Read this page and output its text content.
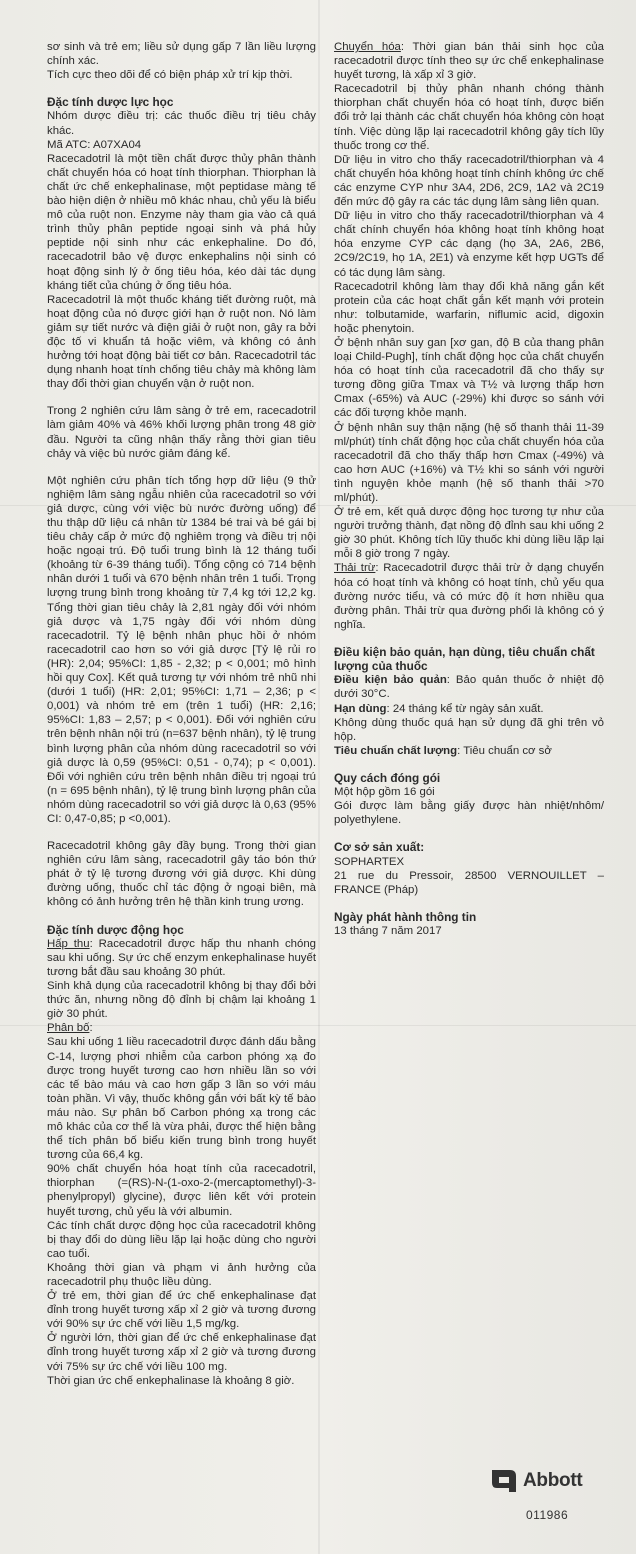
sơ sinh và trẻ em; liều sử dụng gấp 7 lần liều lượng chính xác.

Tích cực theo dõi để có biện pháp xử trí kịp thời.

Đặc tính dược lực học

Nhóm dược điều trị: các thuốc điều trị tiêu chảy khác.

Mã ATC: A07XA04

Racecadotril là một tiền chất được thủy phân thành chất chuyển hóa có hoạt tính thiorphan. Thiorphan là chất ức chế enkephalinase, một peptidase màng tế bào hiện diện ở nhiều mô khác nhau, chủ yếu là biểu mô của ruột non. Enzyme này tham gia vào cả quá trình thủy phân peptide ngoại sinh và phá hủy peptide nội sinh như các enkephaline. Do đó, racecadotril bảo vệ được enkephalins nội sinh có hoạt động sinh lý ở ống tiêu hóa, kéo dài tác dụng kháng tiết của chúng ở ống tiêu hóa.

Racecadotril là một thuốc kháng tiết đường ruột, mà hoạt động của nó được giới hạn ở ruột non. Nó làm giảm sự tiết nước và điện giải ở ruột non, gây ra bởi độc tố vi khuẩn tả hoặc viêm, và không có ảnh hưởng tới hoạt động bài tiết cơ bản. Racecadotril tác dụng nhanh hoạt tính chống tiêu chảy mà không làm thay đổi thời gian chuyển vận ở ruột non.

Trong 2 nghiên cứu lâm sàng ở trẻ em, racecadotril làm giảm 40% và 46% khối lượng phân trong 48 giờ đầu. Người ta cũng nhận thấy rằng thời gian tiêu chảy và việc bù nước giảm đáng kể.

Một nghiên cứu phân tích tổng hợp dữ liệu (9 thử nghiệm lâm sàng ngẫu nhiên của racecadotril so với giả dược, cùng với việc bù nước đường uống) để thu thập dữ liệu cá nhân từ 1384 bé trai và bé gái bị tiêu chảy cấp ở mức độ nghiêm trọng và điều trị nội hoặc ngoại trú. Độ tuổi trung bình là 12 tháng tuổi (khoảng từ 6-39 tháng tuổi). Tổng cộng có 714 bệnh nhân dưới 1 tuổi và 670 bệnh nhân trên 1 tuổi. Trọng lượng trung bình trong khoảng từ 7,4 kg tới 12,2 kg. Tổng thời gian tiêu chảy là 2,81 ngày đối với nhóm giả dược và 1,75 ngày đối với nhóm dùng racecadotril. Tỷ lệ bệnh nhân phục hồi ở nhóm racecadotril cao hơn so với giả dược [Tỷ lệ rủi ro (HR): 2,04; 95%CI: 1,85 - 2,32; p < 0,001; mô hình hồi quy Cox]. Kết quả tương tự với nhóm trẻ nhũ nhi (dưới 1 tuổi) (HR: 2,01; 95%CI: 1,71 – 2,36; p < 0,001) và nhóm trẻ em (trên 1 tuổi) (HR: 2,16; 95%CI: 1,83 – 2,57; p < 0,001). Đối với nghiên cứu trên bệnh nhân nội trú (n=637 bệnh nhân), tỷ lệ trung bình lượng phân của nhóm dùng racecadotril so với giả dược là 0,59 (95%CI: 0,51 - 0,74); p < 0,001). Đối với nghiên cứu trên bệnh nhân điều trị ngoại trú (n = 695 bệnh nhân), tỷ lệ trung bình lượng phân của nhóm dùng racecadotril so với giả dược là 0,63 (95% CI: 0,47-0,85; p <0,001).

Racecadotril không gây đầy bụng. Trong thời gian nghiên cứu lâm sàng, racecadotril gây táo bón thứ phát ở tỷ lệ tương đương với giả dược. Khi dùng đường uống, thuốc chỉ tác động ở ngoại biên, mà không có ảnh hưởng trên hệ thần kinh trung ương.

Đặc tính dược động học

Hấp thu: Racecadotril được hấp thu nhanh chóng sau khi uống. Sự ức chế enzym enkephalinase huyết tương bắt đầu sau khoảng 30 phút.

Sinh khả dụng của racecadotril không bị thay đổi bởi thức ăn, nhưng nồng độ đỉnh bị chậm lại khoảng 1 giờ 30 phút.

Phân bố:

Sau khi uống 1 liều racecadotril được đánh dấu bằng C-14, lượng phơi nhiễm của carbon phóng xạ đo được trong huyết tương cao hơn nhiều lần so với các tế bào máu và cao hơn gấp 3 lần so với máu toàn phần. Vì vậy, thuốc không gắn với bất kỳ tế bào máu nào. Sự phân bố Carbon phóng xạ trong các mô khác của cơ thể là vừa phải, được thể hiện bằng thể tích phân bố biểu kiến trung bình trong huyết tương của 66,4 kg.

90% chất chuyển hóa hoạt tính của racecadotril, thiorphan (=(RS)-N-(1-oxo-2-(mercaptomethyl)-3-phenylpropyl) glycine), được liên kết với protein huyết tương, chủ yếu là với albumin.

Các tính chất dược động học của racecadotril không bị thay đổi do dùng liều lặp lại hoặc dùng cho người cao tuổi.

Khoảng thời gian và phạm vi ảnh hưởng của racecadotril phụ thuộc liều dùng.

Ở trẻ em, thời gian để ức chế enkephalinase đạt đỉnh trong huyết tương xấp xỉ 2 giờ và tương đương với 90% sự ức chế với liều 1,5 mg/kg.

Ở người lớn, thời gian để ức chế enkephalinase đạt đỉnh trong huyết tương xấp xỉ 2 giờ và tương đương với 75% sự ức chế với liều 100 mg.

Thời gian ức chế enkephalinase là khoảng 8 giờ.

Chuyển hóa: Thời gian bán thải sinh học của racecadotril được tính theo sự ức chế enkephalinase huyết tương, là xấp xỉ 3 giờ.

Racecadotril bị thủy phân nhanh chóng thành thiorphan chất chuyển hóa có hoạt tính, được biến đổi trở lại thành các chất chuyển hóa không còn hoạt tính. Việc dùng lặp lại racecadotril không gây tích lũy thuốc trong cơ thể.

Dữ liệu in vitro cho thấy racecadotril/thiorphan và 4 chất chuyển hóa không hoạt tính chính không ức chế các enzyme CYP như 3A4, 2D6, 2C9, 1A2 và 2C19 đến mức độ gây ra các tác dụng lâm sàng liên quan.

Dữ liệu in vitro cho thấy racecadotril/thiorphan và 4 chất chính chuyển hóa không hoạt tính không hoạt hóa enzyme CYP các dạng (họ 3A, 2A6, 2B6, 2C9/2C19, họ 1A, 2E1) và enzyme kết hợp UGTs để có tác dụng lâm sàng.

Racecadotril không làm thay đổi khả năng gắn kết protein của các hoạt chất gắn kết mạnh với protein như: tolbutamide, warfarin, niflumic acid, digoxin hoặc phenytoin.

Ở bệnh nhân suy gan [xơ gan, độ B của thang phân loại Child-Pugh], tính chất động học của chất chuyển hóa có hoạt tính của racecadotril đã cho thấy sự tương đồng giữa Tmax và T½ và lượng thấp hơn Cmax (-65%) và AUC (-29%) khi được so sánh với các đối tượng khỏe mạnh.

Ở bệnh nhân suy thận nặng (hệ số thanh thải 11-39 ml/phút) tính chất động học của chất chuyển hóa của racecadotril đã cho thấy thấp hơn Cmax (-49%) và cao hơn AUC (+16%) và T½ khi so sánh với người tình nguyện khỏe mạnh (hệ số thanh thải >70 ml/phút).

Ở trẻ em, kết quả dược động học tương tự như của người trưởng thành, đạt nồng độ đỉnh sau khi uống 2 giờ 30 phút. Không tích lũy thuốc khi dùng liều lặp lại mỗi 8 giờ trong 7 ngày.

Thải trừ: Racecadotril được thải trừ ở dạng chuyển hóa có hoạt tính và không có hoạt tính, chủ yếu qua đường nước tiểu, và có mức độ ít hơn nhiều qua đường phân. Thải trừ qua đường phổi là không có ý nghĩa.

Điều kiện bảo quản, hạn dùng, tiêu chuẩn chất lượng của thuốc

Điều kiện bảo quản: Bảo quản thuốc ở nhiệt độ dưới 30°C.

Hạn dùng: 24 tháng kể từ ngày sản xuất.

Không dùng thuốc quá hạn sử dụng đã ghi trên vỏ hộp.

Tiêu chuẩn chất lượng: Tiêu chuẩn cơ sở

Quy cách đóng gói

Một hộp gồm 16 gói

Gói được làm bằng giấy được hàn nhiệt/nhôm/ polyethylene.

Cơ sở sản xuất:

SOPHARTEX

21 rue du Pressoir, 28500 VERNOUILLET – FRANCE (Pháp)

Ngày phát hành thông tin

13 tháng 7 năm 2017

Abbott
011986
